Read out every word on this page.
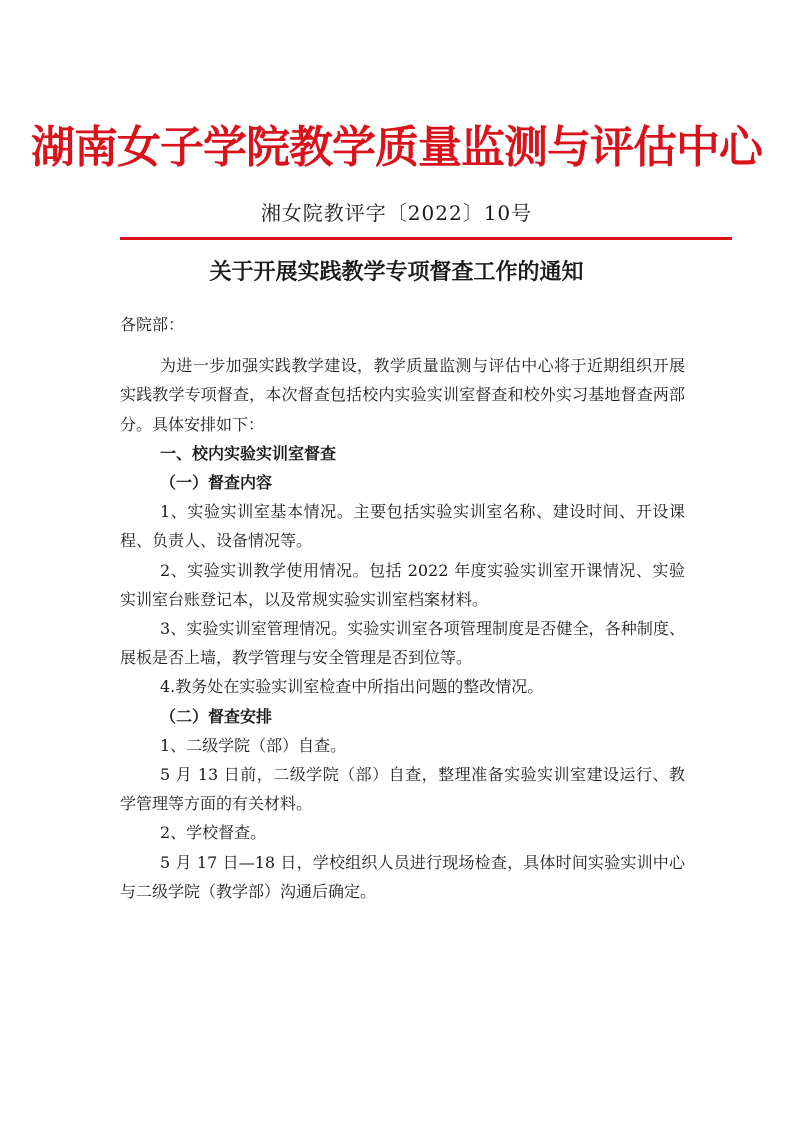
湖南女子学院教学质量监测与评估中心
湘女院教评字〔2022〕10号
关于开展实践教学专项督查工作的通知

各院部：

为进一步加强实践教学建设，教学质量监测与评估中心将于近期组织开展实践教学专项督查，本次督查包括校内实验实训室督查和校外实习基地督查两部分。具体安排如下：

一、校内实验实训室督查

（一）督查内容

1、实验实训室基本情况。主要包括实验实训室名称、建设时间、开设课程、负责人、设备情况等。

2、实验实训教学使用情况。包括 2022 年度实验实训室开课情况、实验实训室台账登记本，以及常规实验实训室档案材料。

3、实验实训室管理情况。实验实训室各项管理制度是否健全，各种制度、展板是否上墙，教学管理与安全管理是否到位等。

4.教务处在实验实训室检查中所指出问题的整改情况。

（二）督查安排

1、二级学院（部）自查。

5 月 13 日前，二级学院（部）自查，整理准备实验实训室建设运行、教学管理等方面的有关材料。

2、学校督查。

5 月 17 日—18 日，学校组织人员进行现场检查，具体时间实验实训中心与二级学院（教学部）沟通后确定。
